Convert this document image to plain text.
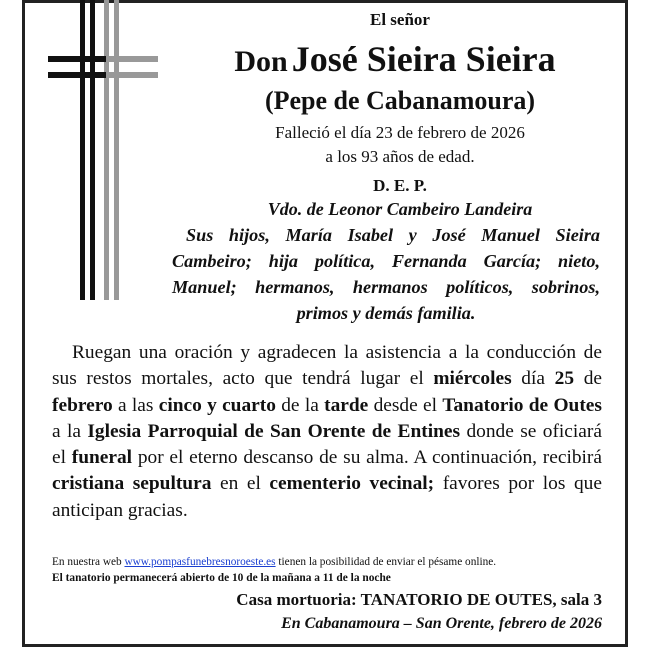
El señor
Don José Sieira Sieira
(Pepe de Cabanamoura)
Falleció el día 23 de febrero de 2026
a los 93 años de edad.
D. E. P.
Vdo. de Leonor Cambeiro Landeira
Sus hijos, María Isabel y José Manuel Sieira Cambeiro; hija política, Fernanda García; nieto, Manuel; hermanos, hermanos políticos, sobrinos, primos y demás familia.
Ruegan una oración y agradecen la asistencia a la conducción de sus restos mortales, acto que tendrá lugar el miércoles día 25 de febrero a las cinco y cuarto de la tarde desde el Tanatorio de Outes a la Iglesia Parroquial de San Orente de Entines donde se oficiará el funeral por el eterno descanso de su alma. A continuación, recibirá cristiana sepultura en el cementerio vecinal; favores por los que anticipan gracias.
En nuestra web www.pompasfunebresnoroeste.es tienen la posibilidad de enviar el pésame online.
El tanatorio permanecerá abierto de 10 de la mañana a 11 de la noche
Casa mortuoria: TANATORIO DE OUTES, sala 3
En Cabanamoura – San Orente, febrero de 2026
